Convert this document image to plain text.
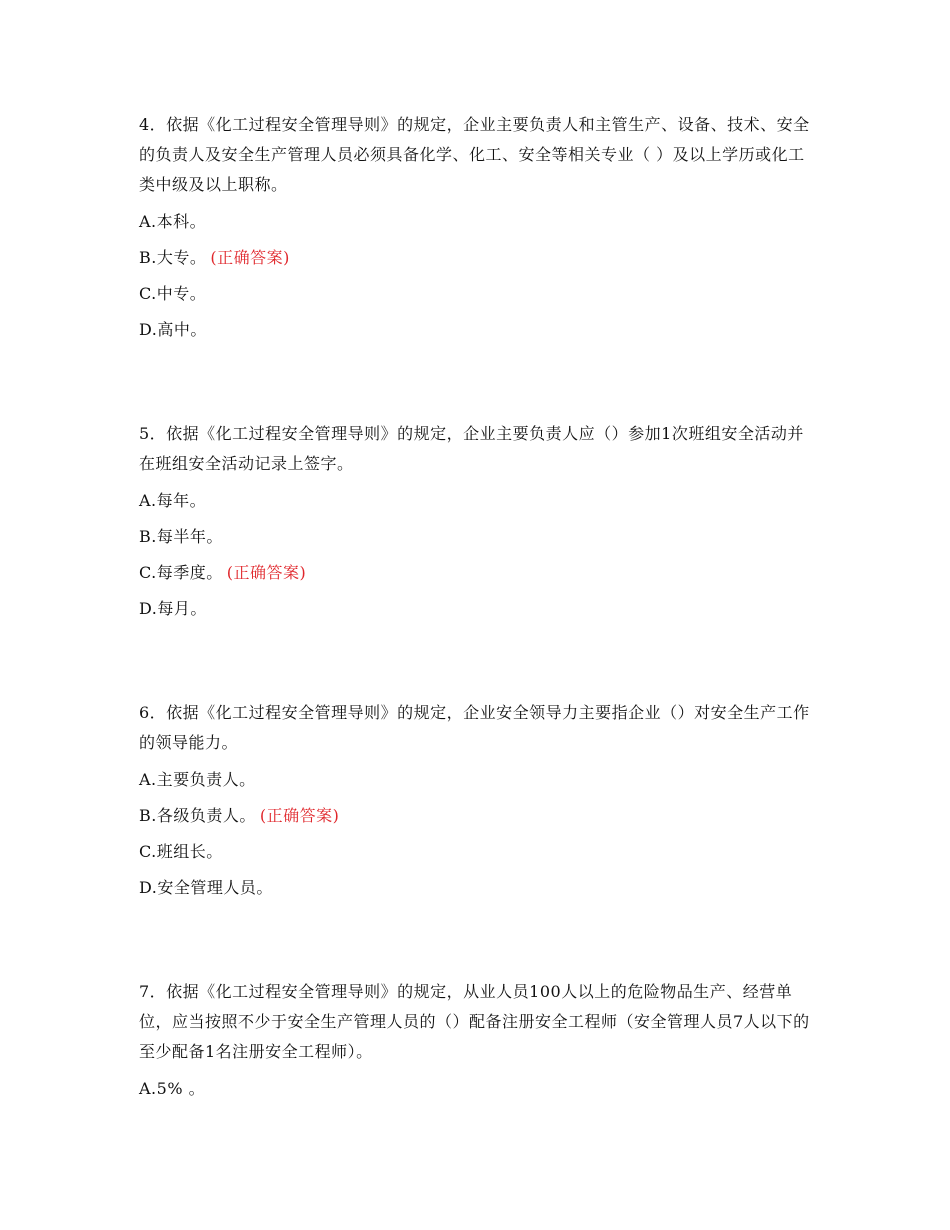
4．依据《化工过程安全管理导则》的规定，企业主要负责人和主管生产、设备、技术、安全的负责人及安全生产管理人员必须具备化学、化工、安全等相关专业（ ）及以上学历或化工类中级及以上职称。

A.本科。

B.大专。 (正确答案)

C.中专。

D.高中。

5．依据《化工过程安全管理导则》的规定，企业主要负责人应（）参加1次班组安全活动并在班组安全活动记录上签字。

A.每年。

B.每半年。

C.每季度。 (正确答案)

D.每月。

6．依据《化工过程安全管理导则》的规定，企业安全领导力主要指企业（）对安全生产工作的领导能力。

A.主要负责人。

B.各级负责人。 (正确答案)

C.班组长。

D.安全管理人员。

7．依据《化工过程安全管理导则》的规定，从业人员100人以上的危险物品生产、经营单位，应当按照不少于安全生产管理人员的（）配备注册安全工程师（安全管理人员7人以下的至少配备1名注册安全工程师）。

A.5% 。
